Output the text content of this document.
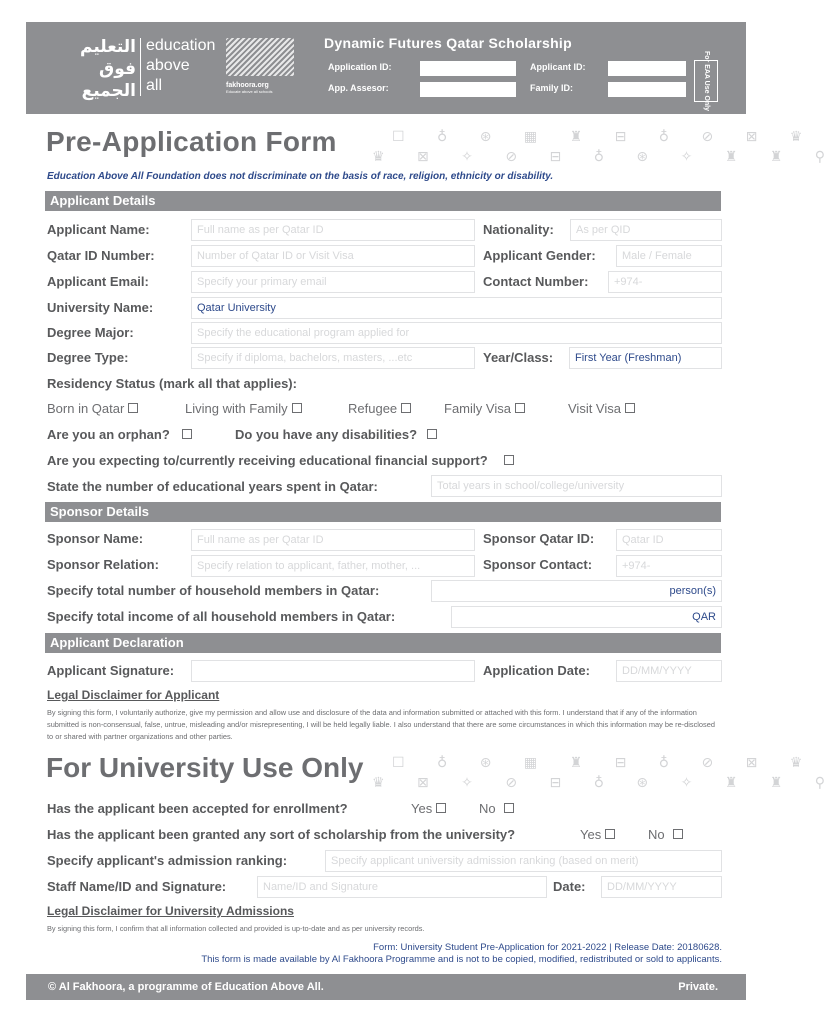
التعليم
فوق
الجميع
education
above
all	fakhoora.org
Educate above all schools
Dynamic Futures Qatar Scholarship
Application ID:	Applicant ID:
App. Assesor:	Family ID:	For EAA Use Only
Pre-Application Form	☐ ♁ ⊛ ▦ ♜ ⊟ ♁ ⊘ ⊠ ♛
♛ ⊠ ✧ ⊘ ⊟ ♁ ⊛ ✧ ♜ ♜ ⚲
Education Above All Foundation does not discriminate on the basis of race, religion, ethnicity or disability.
Applicant Details
Applicant Name:	Full name as per Qatar ID	Nationality:	As per QID
Qatar ID Number:	Number of Qatar ID or Visit Visa	Applicant Gender:	Male / Female
Applicant Email:	Specify your primary email	Contact Number:	+974-
University Name:	Qatar University
Degree Major:	Specify the educational program applied for
Degree Type:	Specify if diploma, bachelors, masters, ...etc	Year/Class:	First Year (Freshman)
Residency Status (mark all that applies):
Born in Qatar	Living with Family	Refugee	Family Visa	Visit Visa
Are you an orphan?	Do you have any disabilities?
Are you expecting to/currently receiving educational financial support?
State the number of educational years spent in Qatar:	Total years in school/college/university
Sponsor Details
Sponsor Name:	Full name as per Qatar ID	Sponsor Qatar ID:	Qatar ID
Sponsor Relation:	Specify relation to applicant, father, mother, ...	Sponsor Contact:	+974-
Specify total number of household members in Qatar:	person(s)
Specify total income of all household members in Qatar:	QAR
Applicant Declaration
Applicant Signature:	Application Date:	DD/MM/YYYY
Legal Disclaimer for Applicant
By signing this form, I voluntarily authorize, give my permission and allow use and disclosure of the data and information submitted or attached with this form. I understand that if any of the information submitted is non-consensual, false, untrue, misleading and/or misrepresenting, I will be held legally liable. I also understand that there are some circumstances in which this information may be re-disclosed to or shared with partner organizations and other parties.
For University Use Only ☐ ♁ ⊛ ▦ ♜ ⊟ ♁ ⊘ ⊠ ♛
♛ ⊠ ✧ ⊘ ⊟ ♁ ⊛ ✧ ♜ ♜ ⚲
Has the applicant been accepted for enrollment?	Yes	No
Has the applicant been granted any sort of scholarship from the university?	Yes	No
Specify applicant's admission ranking:	Specify applicant university admission ranking (based on merit)
Staff Name/ID and Signature:	Name/ID and Signature	Date:	DD/MM/YYYY
Legal Disclaimer for University Admissions
By signing this form, I confirm that all information collected and provided is up-to-date and as per university records.
Form: University Student Pre-Application for 2021-2022 | Release Date: 20180628.
This form is made available by Al Fakhoora Programme and is not to be copied, modified, redistributed or sold to applicants.
© Al Fakhoora, a programme of Education Above All.	Private.
